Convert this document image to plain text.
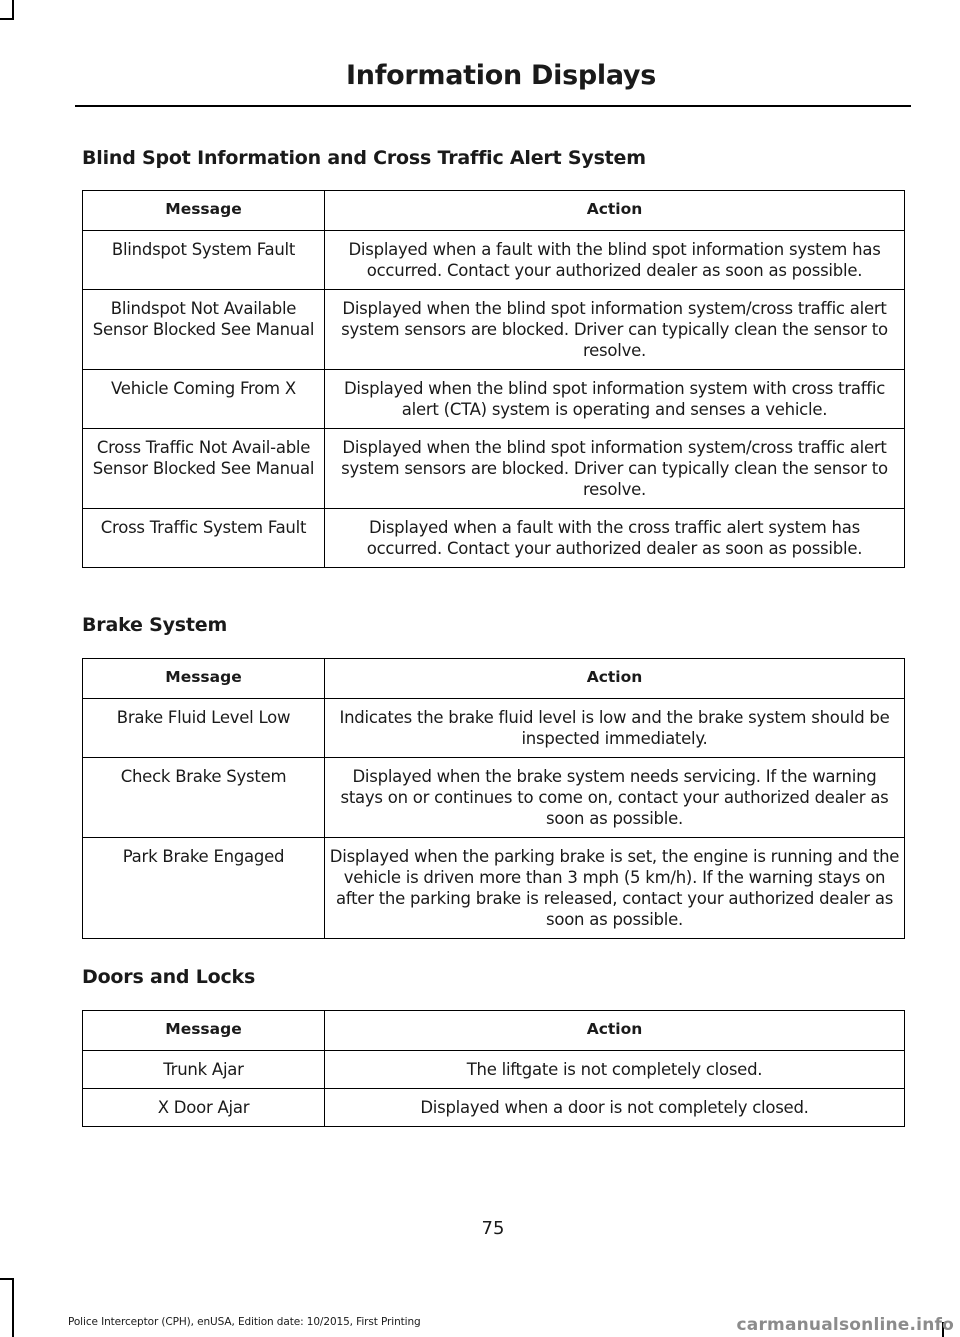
Information Displays
Blind Spot Information and Cross Traffic Alert System
Message	Action
Blindspot System Fault	Displayed when a fault with the blind spot information system has occurred. Contact your authorized dealer as soon as possible.
Blindspot Not Available Sensor Blocked See Manual	Displayed when the blind spot information system/cross traffic alert system sensors are blocked. Driver can typically clean the sensor to resolve.
Vehicle Coming From X	Displayed when the blind spot information system with cross traffic alert (CTA) system is operating and senses a vehicle.
Cross Traffic Not Avail-able Sensor Blocked See Manual	Displayed when the blind spot information system/cross traffic alert system sensors are blocked. Driver can typically clean the sensor to resolve.
Cross Traffic System Fault	Displayed when a fault with the cross traffic alert system has occurred. Contact your authorized dealer as soon as possible.
Brake System
Message	Action
Brake Fluid Level Low	Indicates the brake fluid level is low and the brake system should be inspected immediately.
Check Brake System	Displayed when the brake system needs servicing. If the warning stays on or continues to come on, contact your authorized dealer as soon as possible.
Park Brake Engaged	Displayed when the parking brake is set, the engine is running and the vehicle is driven more than 3 mph (5 km/h). If the warning stays on after the parking brake is released, contact your authorized dealer as soon as possible.
Doors and Locks
Message	Action
Trunk Ajar	The liftgate is not completely closed.
X Door Ajar	Displayed when a door is not completely closed.
75
Police Interceptor (CPH), enUSA, Edition date: 10/2015, First Printing	carmanualsonline.info
